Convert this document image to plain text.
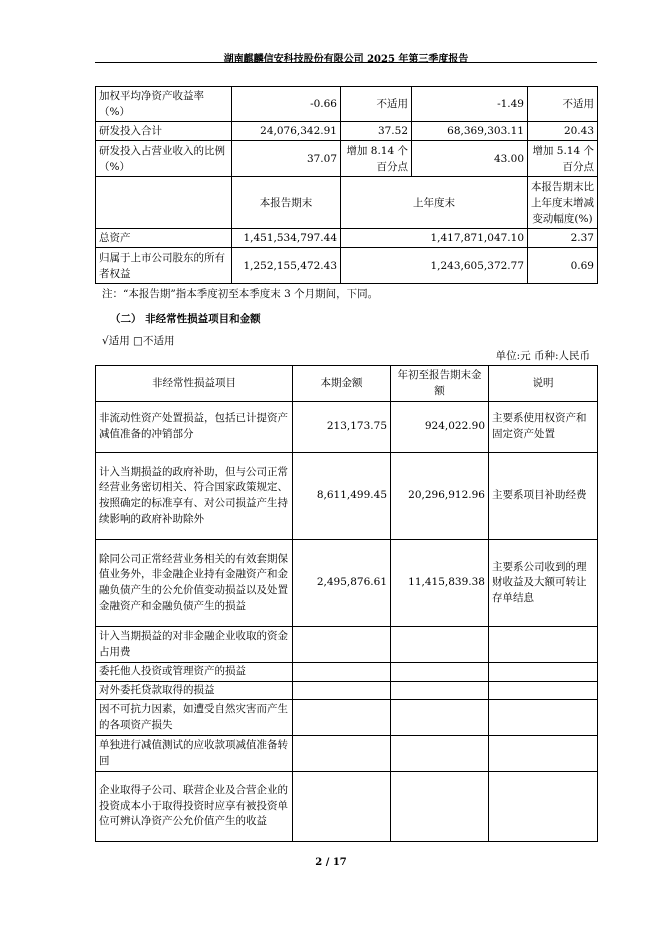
湖南麒麟信安科技股份有限公司 2025 年第三季度报告
加权平均净资产收益率（%）	-0.66	不适用	-1.49	不适用
研发投入合计	24,076,342.91	37.52	68,369,303.11	20.43
研发投入占营业收入的比例（%）	37.07	增加 8.14 个百分点	43.00	增加 5.14 个百分点
	本报告期末	上年度末		本报告期末比上年度末增减变动幅度(%)
总资产	1,451,534,797.44	1,417,871,047.10		2.37
归属于上市公司股东的所有者权益	1,252,155,472.43	1,243,605,372.77		0.69
注：“本报告期”指本季度初至本季度末 3 个月期间，下同。
（二） 非经常性损益项目和金额
√适用 □不适用
单位:元 币种:人民币
非经常性损益项目	本期金额	年初至报告期末金额	说明
非流动性资产处置损益，包括已计提资产减值准备的冲销部分	213,173.75	924,022.90	主要系使用权资产和固定资产处置
计入当期损益的政府补助，但与公司正常经营业务密切相关、符合国家政策规定、按照确定的标准享有、对公司损益产生持续影响的政府补助除外	8,611,499.45	20,296,912.96	主要系项目补助经费
除同公司正常经营业务相关的有效套期保值业务外，非金融企业持有金融资产和金融负债产生的公允价值变动损益以及处置金融资产和金融负债产生的损益	2,495,876.61	11,415,839.38	主要系公司收到的理财收益及大额可转让存单结息
计入当期损益的对非金融企业收取的资金占用费			
委托他人投资或管理资产的损益			
对外委托贷款取得的损益			
因不可抗力因素，如遭受自然灾害而产生的各项资产损失			
单独进行减值测试的应收款项减值准备转回			
企业取得子公司、联营企业及合营企业的投资成本小于取得投资时应享有被投资单位可辨认净资产公允价值产生的收益			
2 / 17
